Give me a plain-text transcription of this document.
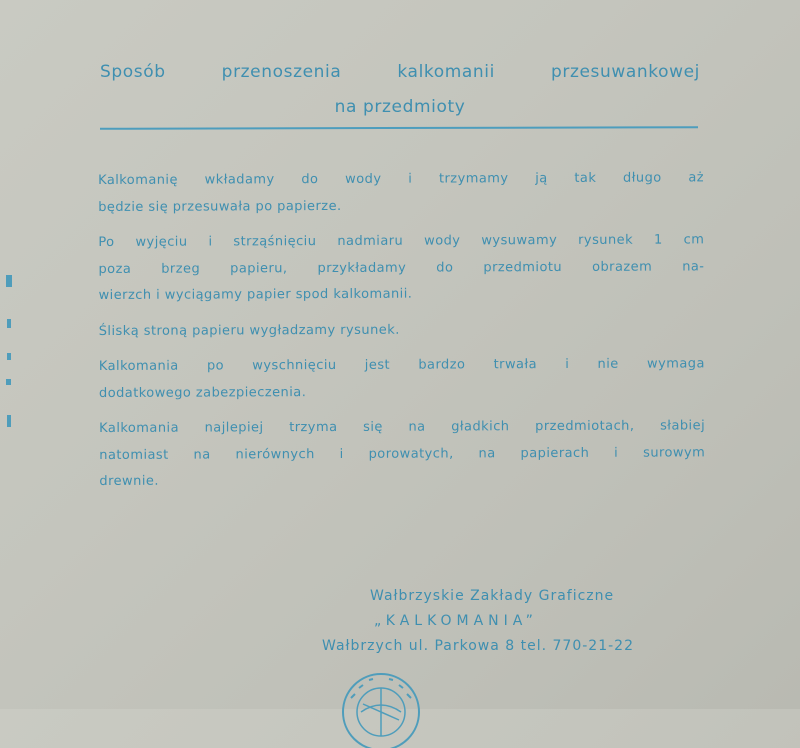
Sposób przenoszenia kalkomanii przesuwankowej
na przedmioty
Kalkomanię wkładamy do wody i trzymamy ją tak długo aż
będzie się przesuwała po papierze.
Po wyjęciu i strząśnięciu nadmiaru wody wysuwamy rysunek 1 cm
poza brzeg papieru, przykładamy do przedmiotu obrazem na-
wierzch i wyciągamy papier spod kalkomanii.
Śliską stroną papieru wygładzamy rysunek.
Kalkomania po wyschnięciu jest bardzo trwała i nie wymaga
dodatkowego zabezpieczenia.
Kalkomania najlepiej trzyma się na gładkich przedmiotach, słabiej
natomiast na nierównych i porowatych, na papierach i surowym
drewnie.
Wałbrzyskie Zakłady Graficzne
„KALKOMANIA”
Wałbrzych ul. Parkowa 8 tel. 770-21-22
